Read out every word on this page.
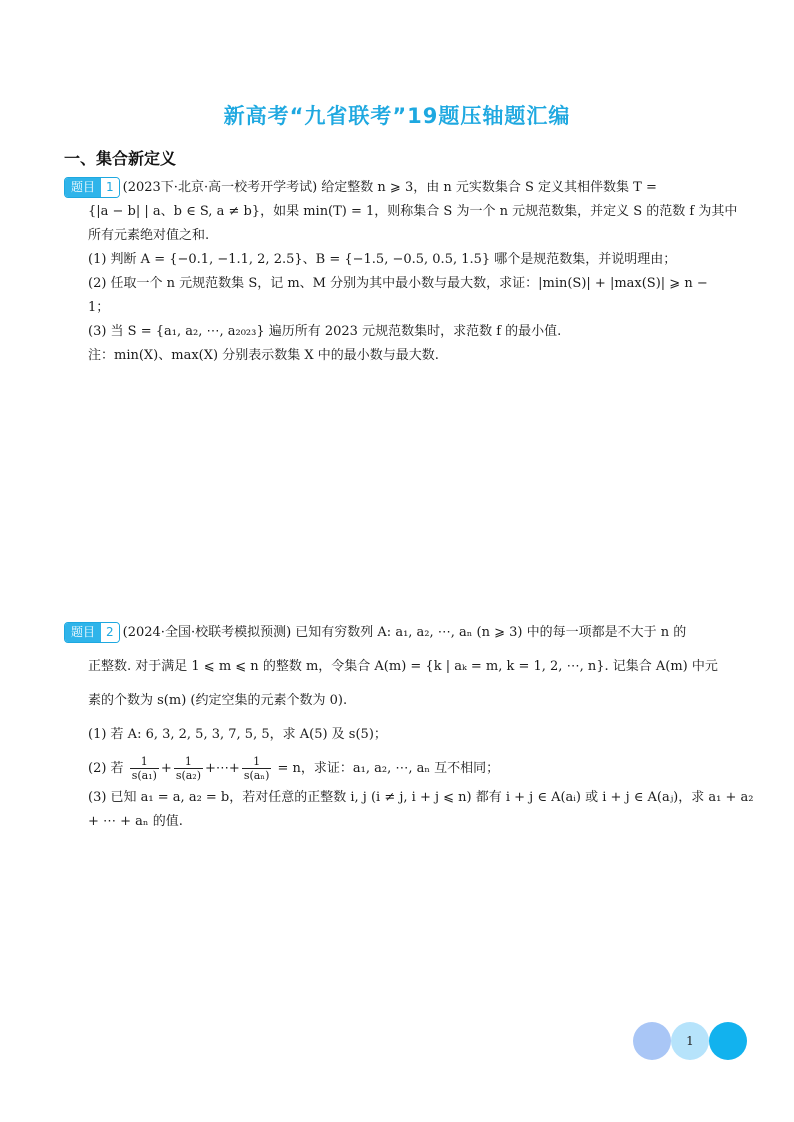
新高考“九省联考”19题压轴题汇编
一、集合新定义
题目 1 (2023下·北京·高一校考开学考试) 给定整数 n ⩾ 3，由 n 元实数集合 S 定义其相伴数集 T =
{|a − b| | a、b ∈ S, a ≠ b}，如果 min(T) = 1，则称集合 S 为一个 n 元规范数集，并定义 S 的范数 f 为其中
所有元素绝对值之和.
(1) 判断 A = {−0.1, −1.1, 2, 2.5}、B = {−1.5, −0.5, 0.5, 1.5} 哪个是规范数集，并说明理由；
(2) 任取一个 n 元规范数集 S，记 m、M 分别为其中最小数与最大数，求证：|min(S)| + |max(S)| ⩾ n −
1；
(3) 当 S = {a₁, a₂, ⋯, a₂₀₂₃} 遍历所有 2023 元规范数集时，求范数 f 的最小值.
注：min(X)、max(X) 分别表示数集 X 中的最小数与最大数.
题目 2 (2024·全国·校联考模拟预测) 已知有穷数列 A: a₁, a₂, ⋯, aₙ (n ⩾ 3) 中的每一项都是不大于 n 的
正整数. 对于满足 1 ⩽ m ⩽ n 的整数 m，令集合 A(m) = {k | aₖ = m, k = 1, 2, ⋯, n}. 记集合 A(m) 中元
素的个数为 s(m) (约定空集的元素个数为 0).
(1) 若 A: 6, 3, 2, 5, 3, 7, 5, 5，求 A(5) 及 s(5)；
(2) 若 $\frac{1}{\text{s(a₁)}} + \frac{1}{\text{s(a₂)}}$ +⋯+ $\frac{1}{\text{s(aₙ)}} = n$，求证：a₁, a₂, ⋯, aₙ 互不相同；
(3) 已知 a₁ = a, a₂ = b，若对任意的正整数 i, j (i ≠ j, i + j ⩽ n) 都有 i + j ∈ A(aᵢ) 或 i + j ∈ A(aⱼ)，求 a₁ + a₂
+ ⋯ + aₙ 的值.
1
